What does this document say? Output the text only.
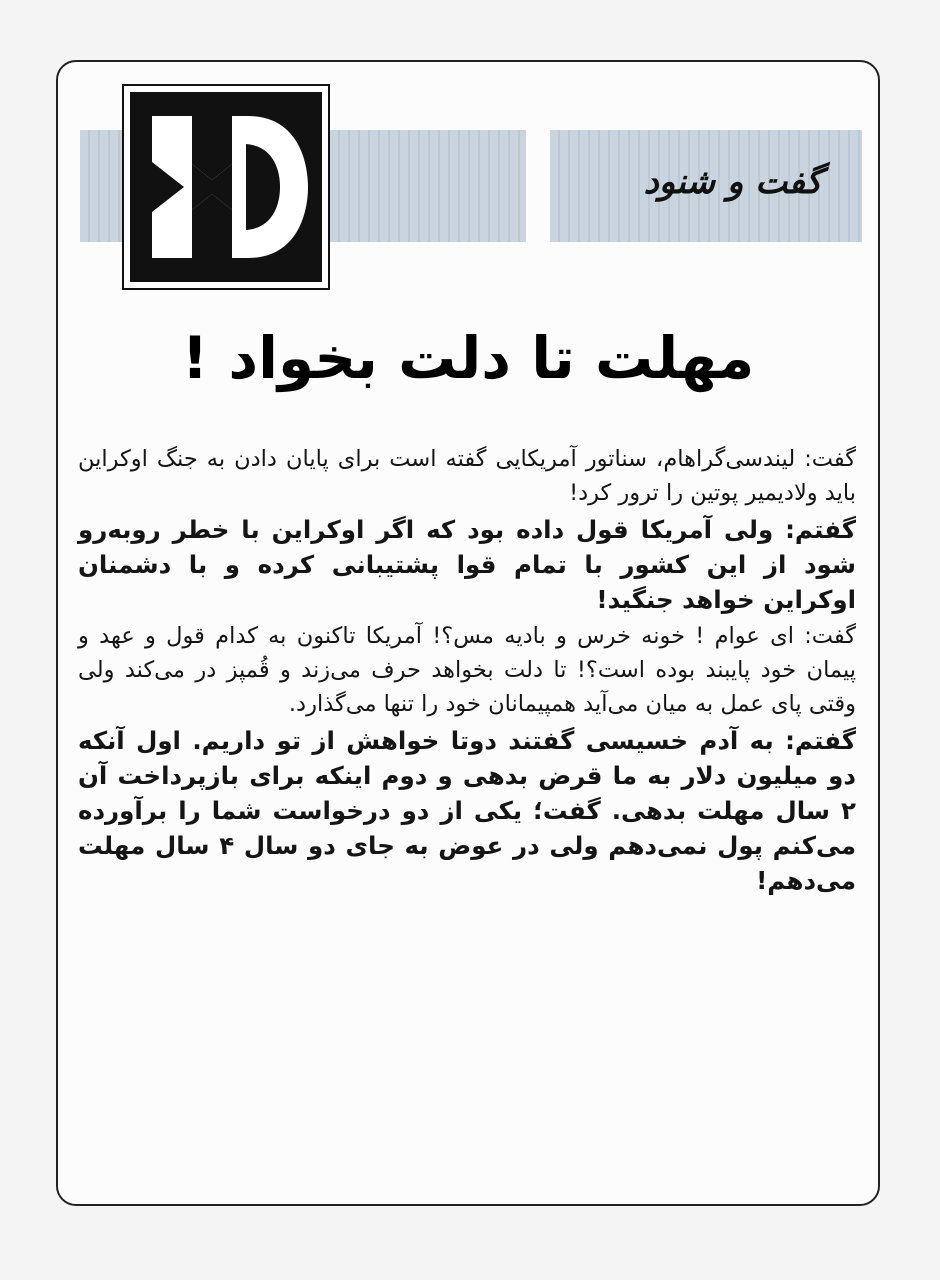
گفت و شنود
مهلت تا دلت بخواد !

گفت: لیندسی‌گراهام، سناتور آمریکایی گفته است برای پایان دادن به جنگ اوکراین باید ولادیمیر پوتین را ترور کرد!

گفتم: ولی آمریکا قول داده بود که اگر اوکراین با خطر روبه‌رو شود از این کشور با تمام قوا پشتیبانی کرده و با دشمنان اوکراین خواهد جنگید!

گفت: ای عوام ! خونه خرس و بادیه مس؟! آمریکا تاکنون به کدام قول و عهد و پیمان خود پایبند بوده است؟! تا دلت بخواهد حرف می‌زند و قُمپز در می‌کند ولی وقتی پای عمل به میان می‌آید همپیمانان خود را تنها می‌گذارد.

گفتم: به آدم خسیسی گفتند دوتا خواهش از تو داریم. اول آنکه دو میلیون دلار به ما قرض بدهی و دوم اینکه برای بازپرداخت آن ۲ سال مهلت بدهی. گفت؛ یکی از دو درخواست شما را برآورده می‌کنم پول نمی‌دهم ولی در عوض به جای دو سال ۴ سال مهلت می‌دهم!
